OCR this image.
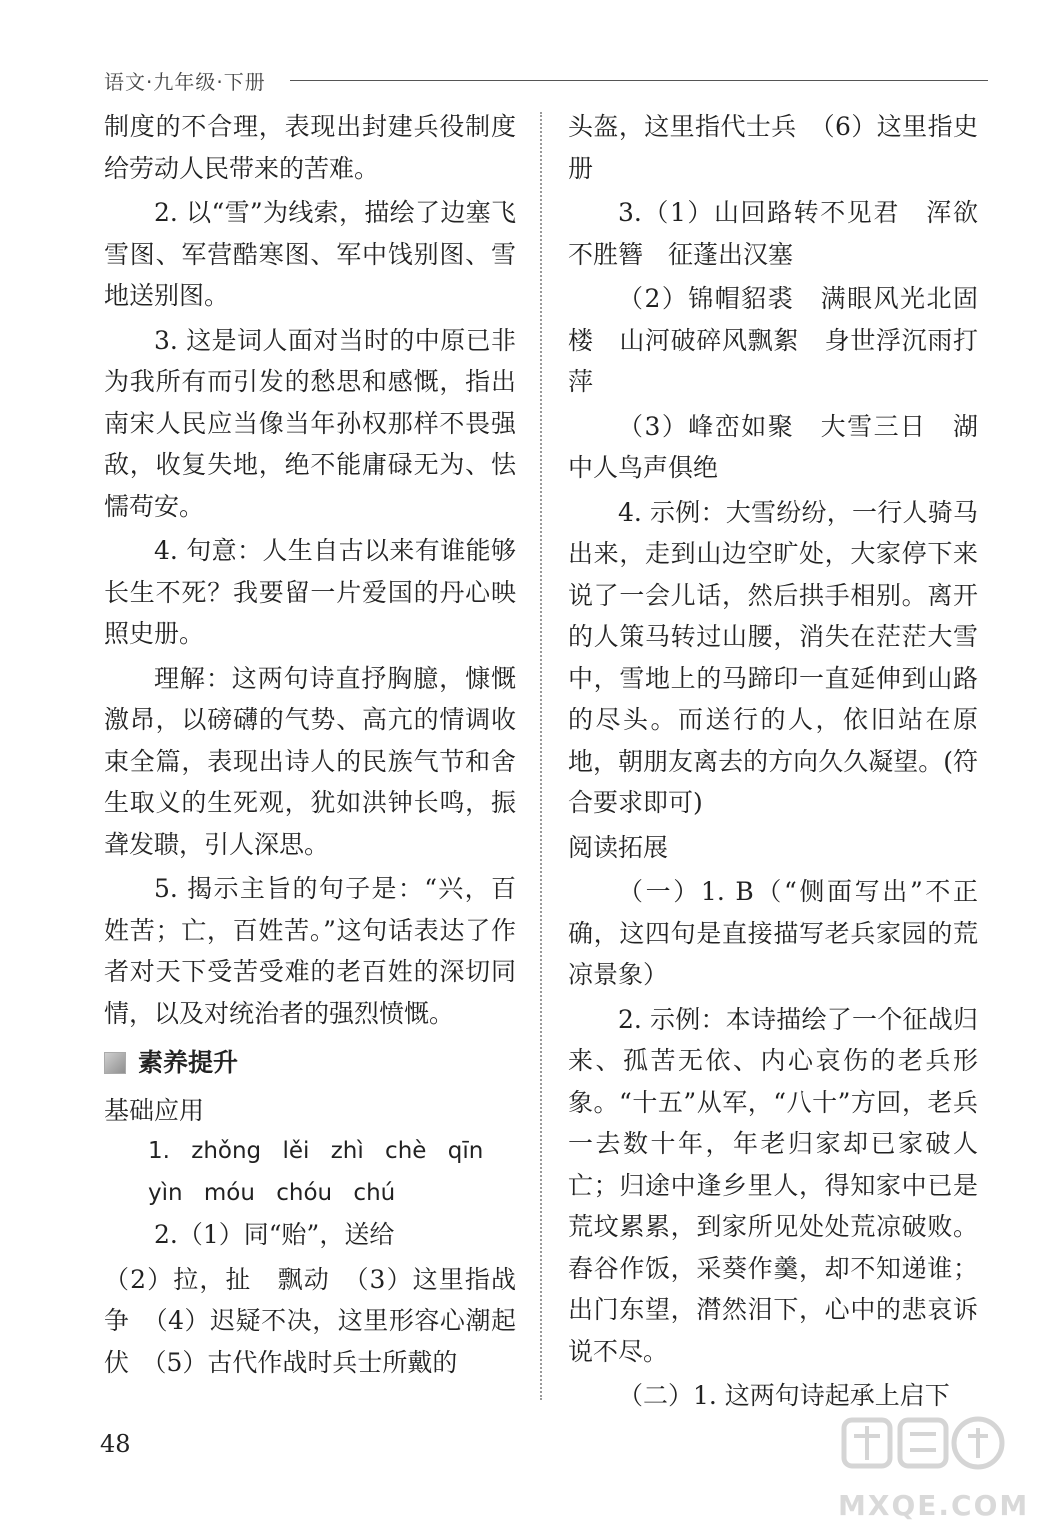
语文·九年级·下册

制度的不合理，表现出封建兵役制度给劳动人民带来的苦难。

2. 以“雪”为线索，描绘了边塞飞雪图、军营酷寒图、军中饯别图、雪地送别图。

3. 这是词人面对当时的中原已非为我所有而引发的愁思和感慨，指出南宋人民应当像当年孙权那样不畏强敌，收复失地，绝不能庸碌无为、怯懦苟安。

4. 句意：人生自古以来有谁能够长生不死？我要留一片爱国的丹心映照史册。

理解：这两句诗直抒胸臆，慷慨激昂，以磅礴的气势、高亢的情调收束全篇，表现出诗人的民族气节和舍生取义的生死观，犹如洪钟长鸣，振聋发聩，引人深思。

5. 揭示主旨的句子是：“兴，百姓苦；亡，百姓苦。”这句话表达了作者对天下受苦受难的老百姓的深切同情，以及对统治者的强烈愤慨。

素养提升

基础应用

1. zhǒng lěi zhì chè qīn

yìn móu chóu chú

2.（1）同“贻”，送给

（2）拉，扯　飘动　（3）这里指战争　（4）迟疑不决，这里形容心潮起伏　（5）古代作战时兵士所戴的

头盔，这里指代士兵　（6）这里指史册

3.（1）山回路转不见君　浑欲不胜簪　征蓬出汉塞

（2）锦帽貂裘　满眼风光北固楼　山河破碎风飘絮　身世浮沉雨打萍

（3）峰峦如聚　大雪三日　湖中人鸟声俱绝

4. 示例：大雪纷纷，一行人骑马出来，走到山边空旷处，大家停下来说了一会儿话，然后拱手相别。离开的人策马转过山腰，消失在茫茫大雪中，雪地上的马蹄印一直延伸到山路的尽头。而送行的人，依旧站在原地，朝朋友离去的方向久久凝望。(符合要求即可)

阅读拓展

（一）1. B（“侧面写出”不正确，这四句是直接描写老兵家园的荒凉景象）

2. 示例：本诗描绘了一个征战归来、孤苦无依、内心哀伤的老兵形象。“十五”从军，“八十”方回，老兵一去数十年，年老归家却已家破人亡；归途中逢乡里人，得知家中已是荒坟累累，到家所见处处荒凉破败。舂谷作饭，采葵作羹，却不知递谁；出门东望，潸然泪下，心中的悲哀诉说不尽。

（二）1. 这两句诗起承上启下

48
MXQE.COM
